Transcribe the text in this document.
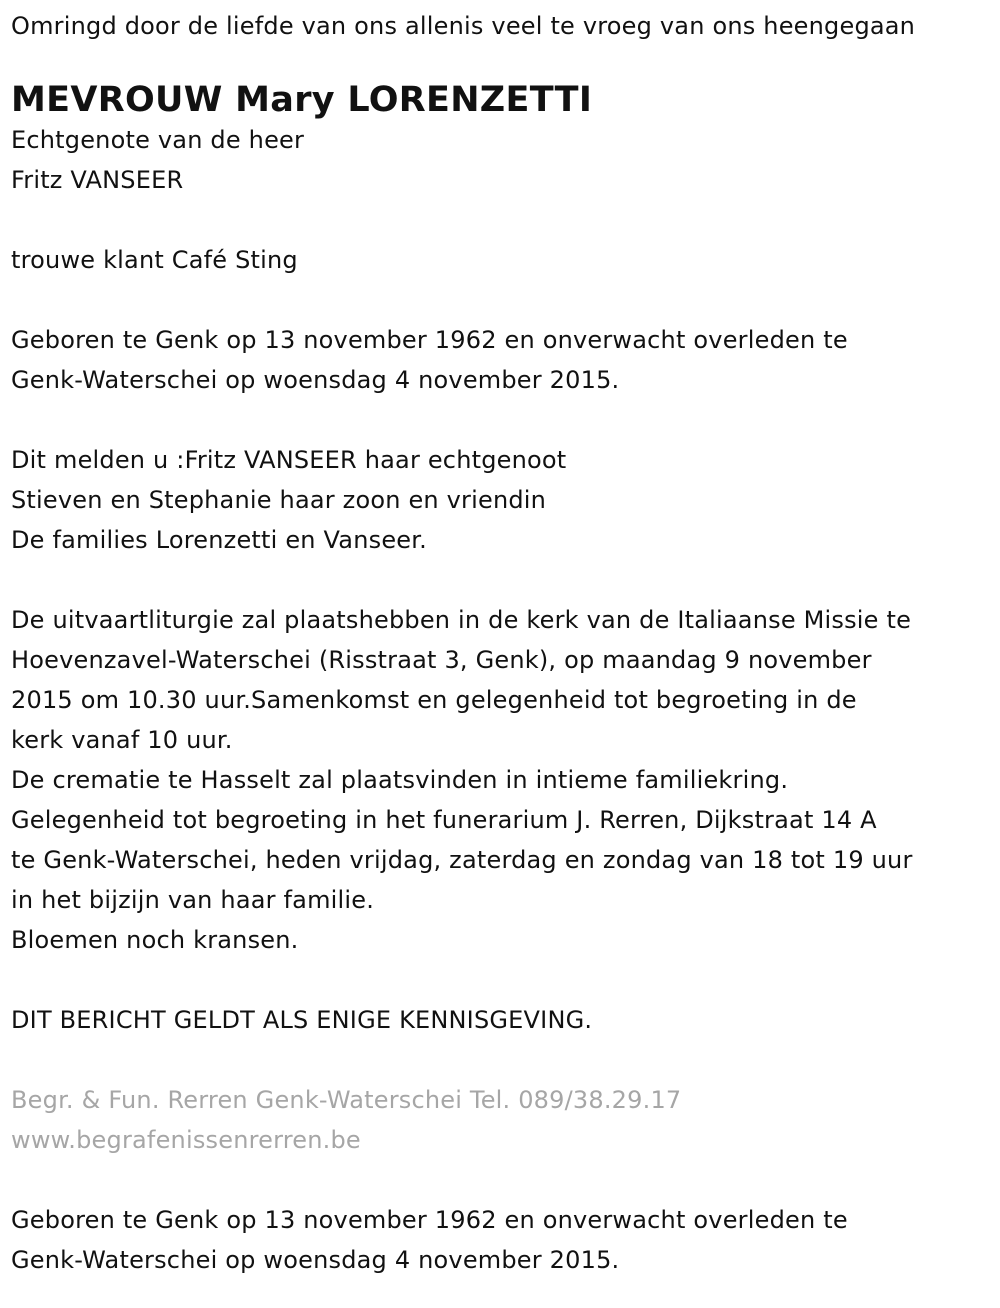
Omringd door de liefde van ons allenis veel te vroeg van ons heengegaan
MEVROUW Mary LORENZETTI
Echtgenote van de heer
Fritz VANSEER
trouwe klant Café Sting
Geboren te Genk op 13 november 1962 en onverwacht overleden te
Genk-Waterschei op woensdag 4 november 2015.
Dit melden u :Fritz VANSEER haar echtgenoot
Stieven en Stephanie haar zoon en vriendin
De families Lorenzetti en Vanseer.
De uitvaartliturgie zal plaatshebben in de kerk van de Italiaanse Missie te
Hoevenzavel-Waterschei (Risstraat 3, Genk), op maandag 9 november
2015 om 10.30 uur.Samenkomst en gelegenheid tot begroeting in de
kerk vanaf 10 uur.
De crematie te Hasselt zal plaatsvinden in intieme familiekring.
Gelegenheid tot begroeting in het funerarium J. Rerren, Dijkstraat 14 A
te Genk-Waterschei, heden vrijdag, zaterdag en zondag van 18 tot 19 uur
in het bijzijn van haar familie.
Bloemen noch kransen.
DIT BERICHT GELDT ALS ENIGE KENNISGEVING.
Begr. & Fun. Rerren Genk-Waterschei Tel. 089/38.29.17
www.begrafenissenrerren.be
Geboren te Genk op 13 november 1962 en onverwacht overleden te
Genk-Waterschei op woensdag 4 november 2015.
